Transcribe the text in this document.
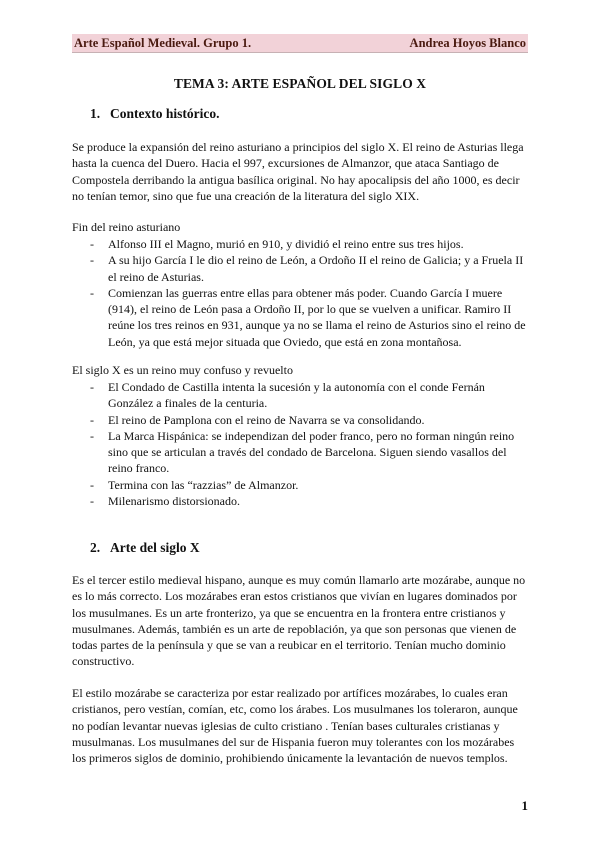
Arte Español Medieval. Grupo 1.	Andrea Hoyos Blanco
TEMA 3: ARTE ESPAÑOL DEL SIGLO X
1. Contexto histórico.
Se produce la expansión del reino asturiano a principios del siglo X. El reino de Asturias llega hasta la cuenca del Duero. Hacia el 997, excursiones de Almanzor, que ataca Santiago de Compostela derribando la antigua basílica original. No hay apocalipsis del año 1000, es decir no tenían temor, sino que fue una creación de la literatura del siglo XIX.
Fin del reino asturiano
- Alfonso III el Magno, murió en 910, y dividió el reino entre sus tres hijos.
- A su hijo García I le dio el reino de León, a Ordoño II el reino de Galicia; y a Fruela II el reino de Asturias.
- Comienzan las guerras entre ellas para obtener más poder. Cuando García I muere (914), el reino de León pasa a Ordoño II, por lo que se vuelven a unificar. Ramiro II reúne los tres reinos en 931, aunque ya no se llama el reino de Asturios sino el reino de León, ya que está mejor situada que Oviedo, que está en zona montañosa.
El siglo X es un reino muy confuso y revuelto
- El Condado de Castilla intenta la sucesión y la autonomía con el conde Fernán González a finales de la centuria.
- El reino de Pamplona con el reino de Navarra se va consolidando.
- La Marca Hispánica: se independizan del poder franco, pero no forman ningún reino sino que se articulan a través del condado de Barcelona. Siguen siendo vasallos del reino franco.
- Termina con las “razzias” de Almanzor.
- Milenarismo distorsionado.
2. Arte del siglo X
Es el tercer estilo medieval hispano, aunque es muy común llamarlo arte mozárabe, aunque no es lo más correcto. Los mozárabes eran estos cristianos que vivían en lugares dominados por los musulmanes. Es un arte fronterizo, ya que se encuentra en la frontera entre cristianos y musulmanes. Además, también es un arte de repoblación, ya que son personas que vienen de todas partes de la península y que se van a reubicar en el territorio. Tenían mucho dominio constructivo.
El estilo mozárabe se caracteriza por estar realizado por artífices mozárabes, lo cuales eran cristianos, pero vestían, comían, etc, como los árabes. Los musulmanes los toleraron, aunque no podían levantar nuevas iglesias de culto cristiano . Tenían bases culturales cristianas y musulmanas. Los musulmanes del sur de Hispania fueron muy tolerantes con los mozárabes los primeros siglos de dominio, prohibiendo únicamente la levantación de nuevos templos.
1
